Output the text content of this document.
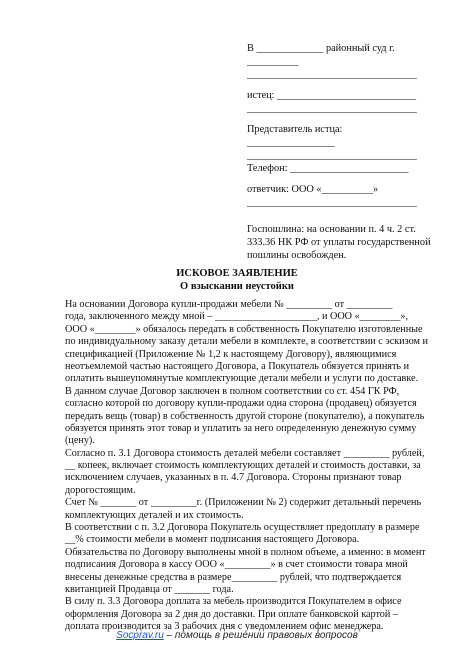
В _____________ районный суд г.
__________
_________________________________
истец: ___________________________
_________________________________
Представитель истца:
_________________
_________________________________
Телефон: _______________________
ответчик: ООО «__________»
_________________________________
Госпошлина: на основании п. 4 ч. 2 ст.
333.36 НК РФ от уплаты государственной
пошлины освобожден.
ИСКОВОЕ ЗАЯВЛЕНИЕ
О взыскании неустойки
На основании Договора купли-продажи мебели № _________ от _________
года, заключенного между мной – ____________________, и ООО «________»,
ООО «________» обязалось передать в собственность Покупателю изготовленные
по индивидуальному заказу детали мебели в комплекте, в соответствии с эскизом и
спецификацией (Приложение № 1,2 к настоящему Договору), являющимися
неотъемлемой частью настоящего Договора, а Покупатель обязуется принять и
оплатить вышеупомянутые комплектующие детали мебели и услуги по доставке.
В данном случае Договор заключен в полном соответствии со ст. 454 ГК РФ,
согласно которой по договору купли-продажи одна сторона (продавец) обязуется
передать вещь (товар) в собственность другой стороне (покупателю), а покупатель
обязуется принять этот товар и уплатить за него определенную денежную сумму
(цену).
Согласно п. 3.1 Договора стоимость деталей мебели составляет _________ рублей,
__ копеек, включает стоимость комплектующих деталей и стоимость доставки, за
исключением случаев, указанных в п. 4.7 Договора. Стороны признают товар
дорогостоящим.
Счет № _______ от _________г. (Приложении № 2) содержит детальный перечень
комплектующих деталей и их стоимость.
В соответствии с п. 3.2 Договора Покупатель осуществляет предоплату в размере
__% стоимости мебели в момент подписания настоящего Договора.
Обязательства по Договору выполнены мной в полном объеме, а именно: в момент
подписания Договора в кассу ООО «_________» в счет стоимости товара мной
внесены денежные средства в размере_________ рублей, что подтверждается
квитанцией Продавца от _______ года.
В силу п. 3.3 Договора доплата за мебель производится Покупателем в офисе
оформления Договора за 2 дня до доставки. При оплате банковской картой –
доплата производится за 3 рабочих дня с уведомлением офис менеджера.
Socprav.ru – помощь в решении правовых вопросов
